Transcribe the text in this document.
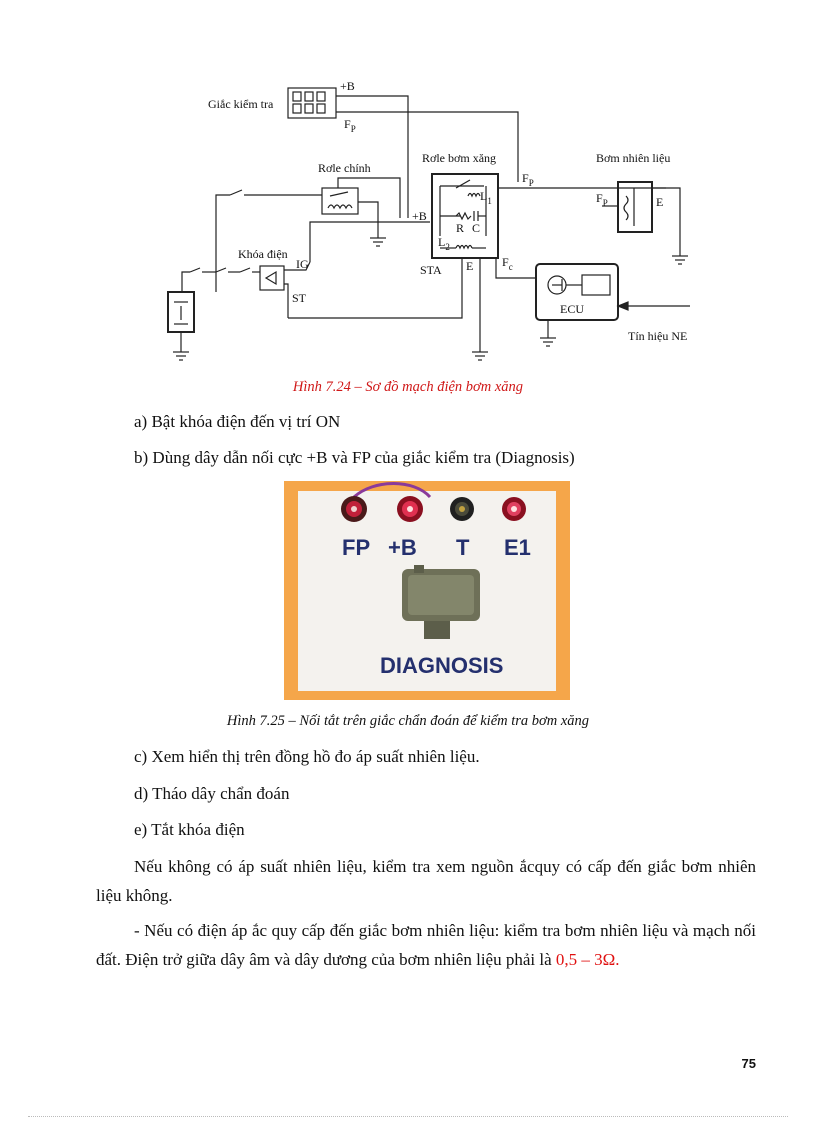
Giắc kiểm tra
+B
$F_P$
Rơle chính
Rơle bơm xăng	Bơm nhiên liệu
$F_P$
$F_P$	E
+B
$L_1$
R C
$L_2$
STA E $F_c$
Khóa điện
IG
ST
ECU
Tín hiệu NE
Hình 7.24 – Sơ đồ mạch điện bơm xăng
a) Bật khóa điện đến vị trí ON
b) Dùng dây dẫn nối cực +B và FP của giắc kiểm tra (Diagnosis)
FP +B T E1
DIAGNOSIS
Hình 7.25 – Nối tắt trên giắc chẩn đoán để kiểm tra bơm xăng
c) Xem hiển thị trên đồng hồ đo áp suất nhiên liệu.
d) Tháo dây chẩn đoán
e) Tắt khóa điện
Nếu không có áp suất nhiên liệu, kiểm tra xem nguồn ắcquy có cấp đến giắc bơm nhiên liệu không.
- Nếu có điện áp ắc quy cấp đến giắc bơm nhiên liệu: kiểm tra bơm nhiên liệu và mạch nối đất. Điện trở giữa dây âm và dây dương của bơm nhiên liệu phải là 0,5 – 3Ω.
75
